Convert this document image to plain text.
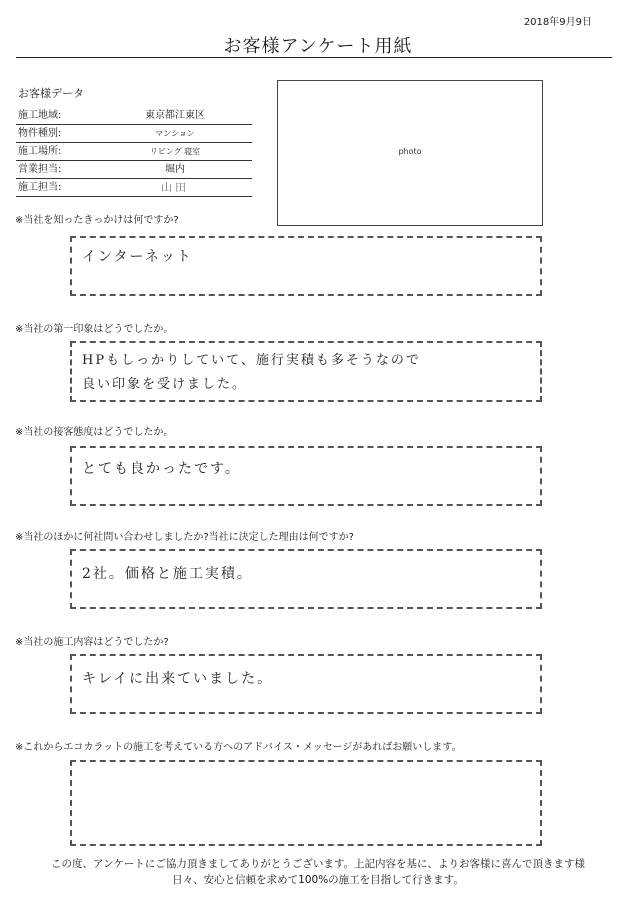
2018年9月9日
お客様アンケート用紙
お客様データ
施工地域:	東京都江東区
物件種別:	マンション
施工場所:	リビング 寝室
営業担当:	堀内
施工担当:	山田
photo
※当社を知ったきっかけは何ですか?
インターネット
※当社の第一印象はどうでしたか。
HPもしっかりしていて、施行実積も多そうなので
良い印象を受けました。
※当社の接客態度はどうでしたか。
とても良かったです。
※当社のほかに何社問い合わせしましたか?当社に決定した理由は何ですか?
2社。価格と施工実積。
※当社の施工内容はどうでしたか?
キレイに出来ていました。
※これからエコカラットの施工を考えている方へのアドバイス・メッセージがあればお願いします。
この度、アンケートにご協力頂きましてありがとうございます。上記内容を基に、よりお客様に喜んで頂きます様
日々、安心と信頼を求めて100%の施工を目指して行きます。
